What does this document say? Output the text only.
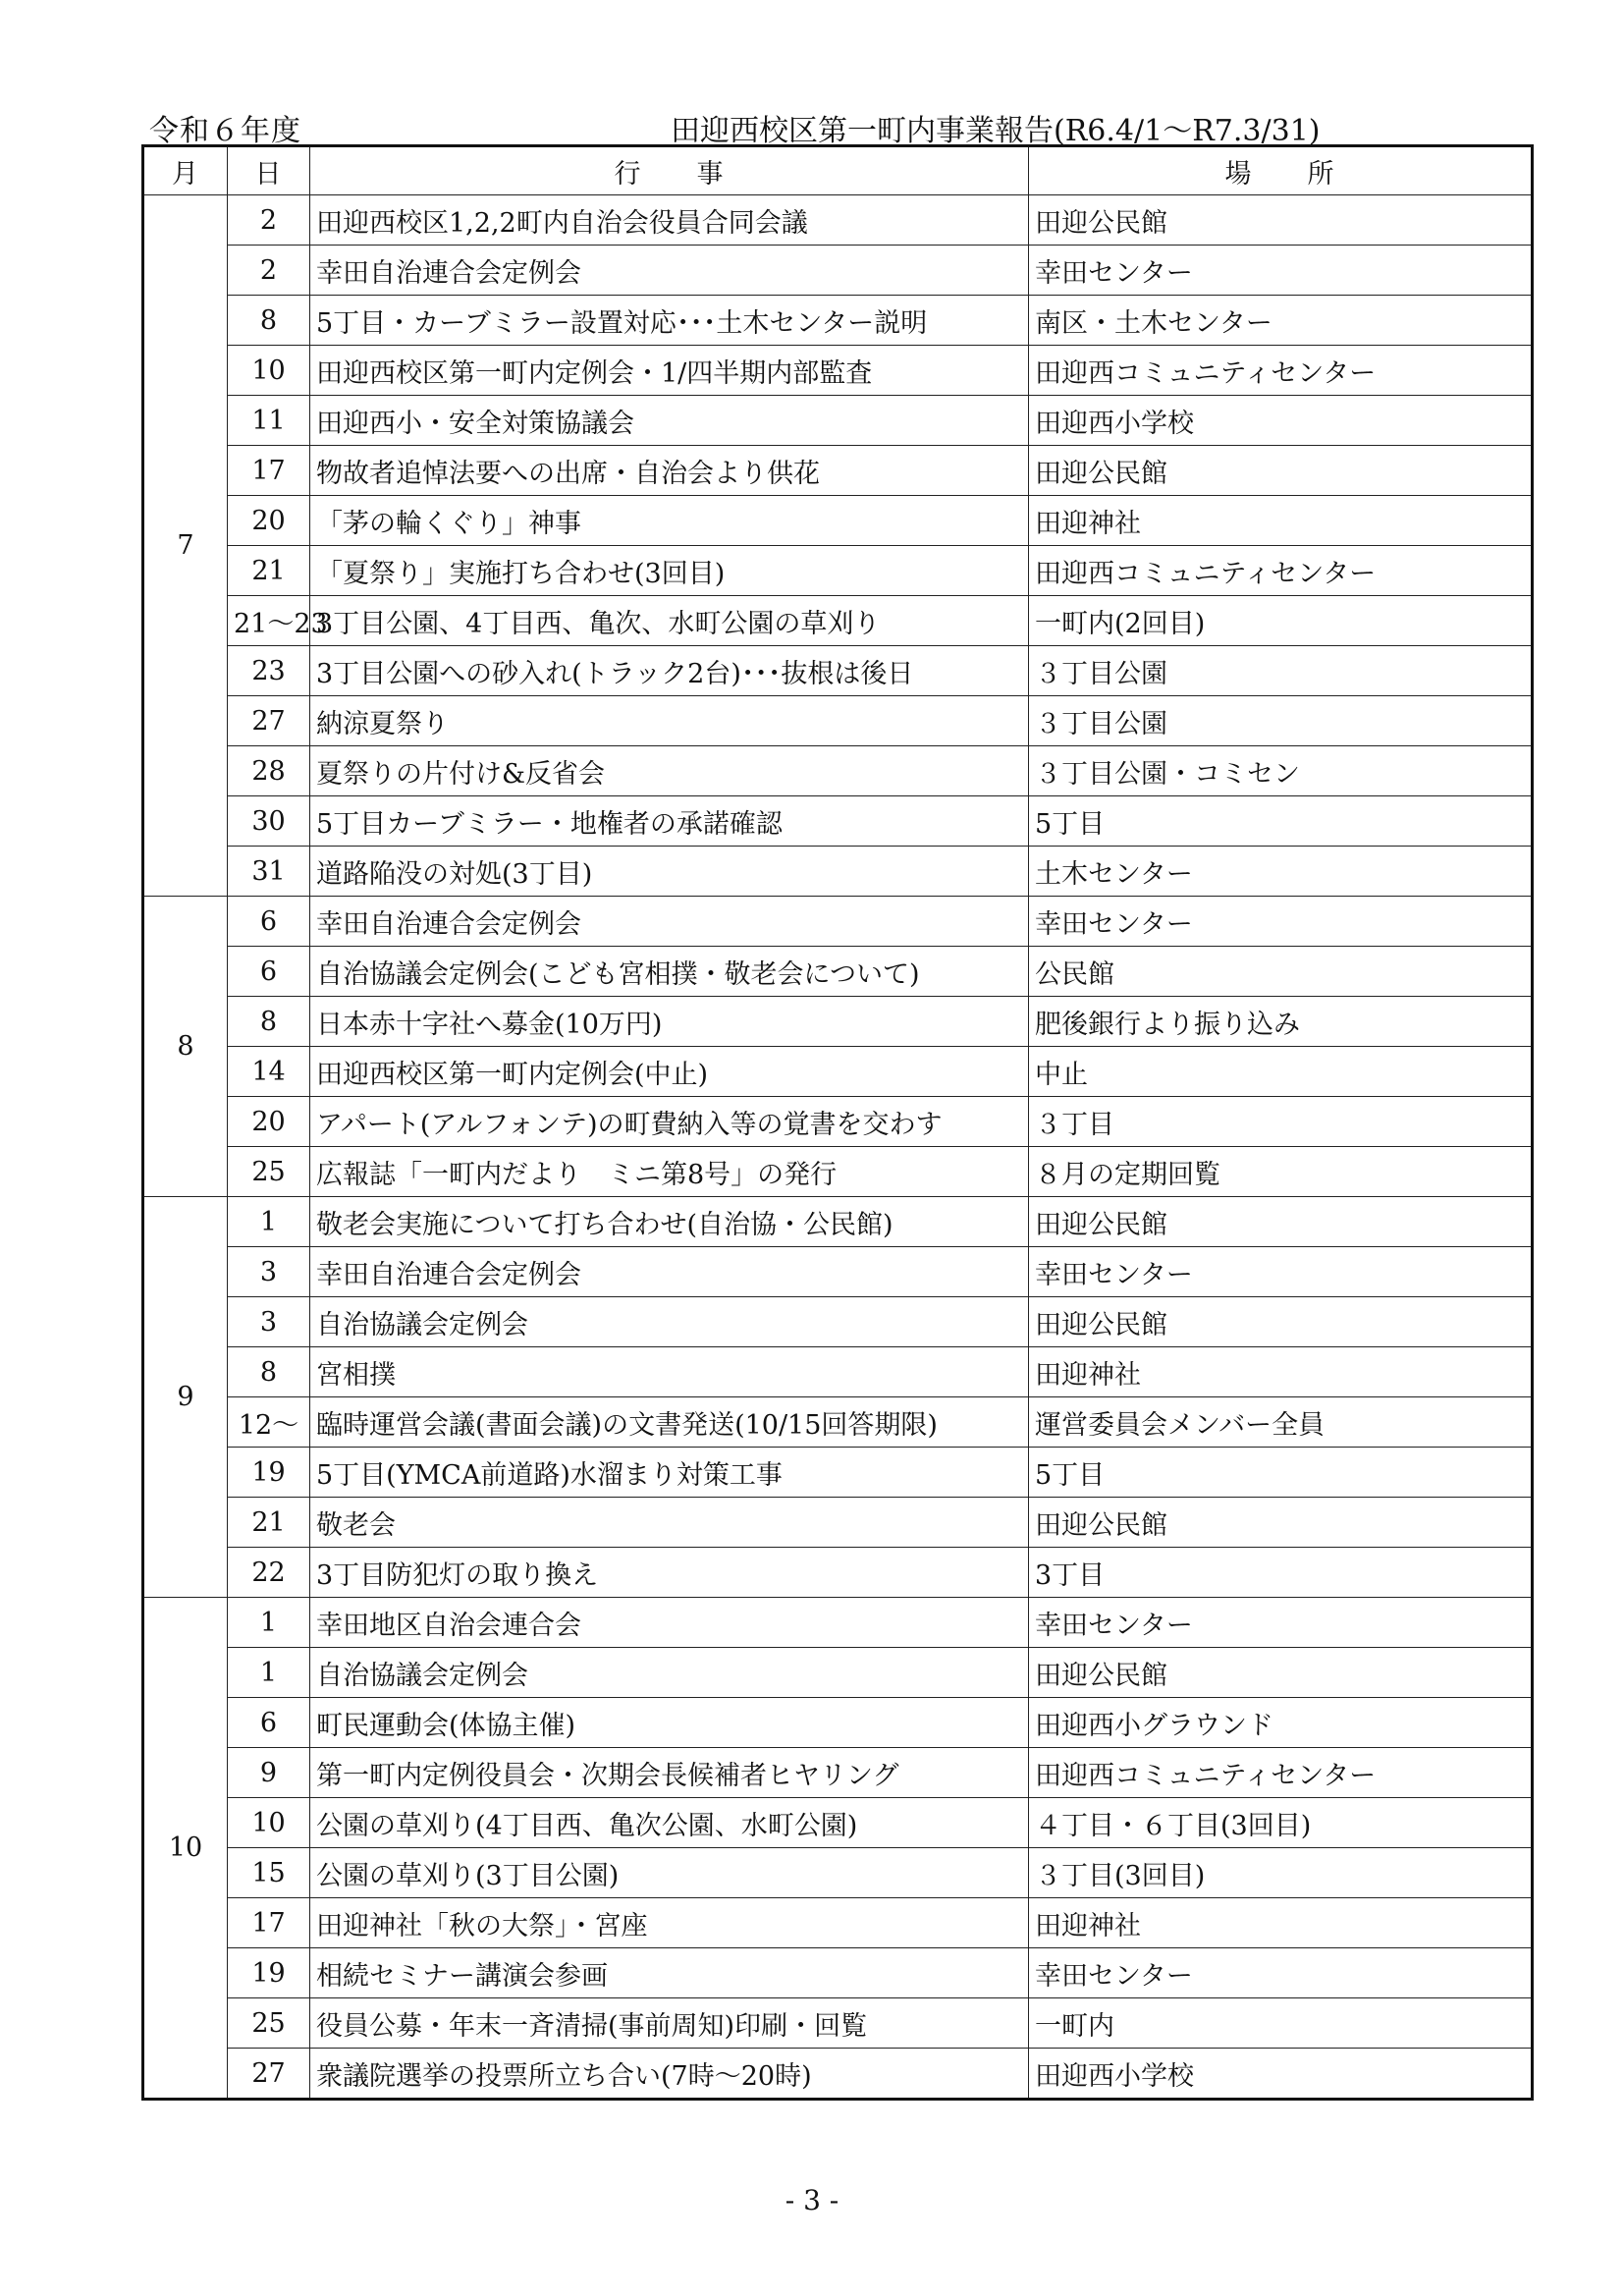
令和６年度	田迎西校区第一町内事業報告(R6.4/1～R7.3/31)
月	日	行　　事	場　　所
7	2	田迎西校区1,2,2町内自治会役員合同会議	田迎公民館
	2	幸田自治連合会定例会	幸田センター
	8	5丁目・カーブミラー設置対応･･･土木センター説明	南区・土木センター
	10	田迎西校区第一町内定例会・1/四半期内部監査	田迎西コミュニティセンター
	11	田迎西小・安全対策協議会	田迎西小学校
	17	物故者追悼法要への出席・自治会より供花	田迎公民館
	20	「茅の輪くぐり」神事	田迎神社
	21	「夏祭り」実施打ち合わせ(3回目)	田迎西コミュニティセンター
	21～23	3丁目公園、4丁目西、亀次、水町公園の草刈り	一町内(2回目)
	23	3丁目公園への砂入れ(トラック2台)･･･抜根は後日	３丁目公園
	27	納涼夏祭り	３丁目公園
	28	夏祭りの片付け&反省会	３丁目公園・コミセン
	30	5丁目カーブミラー・地権者の承諾確認	5丁目
	31	道路陥没の対処(3丁目)	土木センター
8	6	幸田自治連合会定例会	幸田センター
	6	自治協議会定例会(こども宮相撲・敬老会について)	公民館
	8	日本赤十字社へ募金(10万円)	肥後銀行より振り込み
	14	田迎西校区第一町内定例会(中止)	中止
	20	アパート(アルフォンテ)の町費納入等の覚書を交わす	３丁目
	25	広報誌「一町内だより　ミニ第8号」の発行	８月の定期回覧
9	1	敬老会実施について打ち合わせ(自治協・公民館)	田迎公民館
	3	幸田自治連合会定例会	幸田センター
	3	自治協議会定例会	田迎公民館
	8	宮相撲	田迎神社
	12～	臨時運営会議(書面会議)の文書発送(10/15回答期限)	運営委員会メンバー全員
	19	5丁目(YMCA前道路)水溜まり対策工事	5丁目
	21	敬老会	田迎公民館
	22	3丁目防犯灯の取り換え	3丁目
10	1	幸田地区自治会連合会	幸田センター
	1	自治協議会定例会	田迎公民館
	6	町民運動会(体協主催)	田迎西小グラウンド
	9	第一町内定例役員会・次期会長候補者ヒヤリング	田迎西コミュニティセンター
	10	公園の草刈り(4丁目西、亀次公園、水町公園)	４丁目・６丁目(3回目)
	15	公園の草刈り(3丁目公園)	３丁目(3回目)
	17	田迎神社「秋の大祭」・宮座	田迎神社
	19	相続セミナー講演会参画	幸田センター
	25	役員公募・年末一斉清掃(事前周知)印刷・回覧	一町内
	27	衆議院選挙の投票所立ち合い(7時～20時)	田迎西小学校
- 3 -
